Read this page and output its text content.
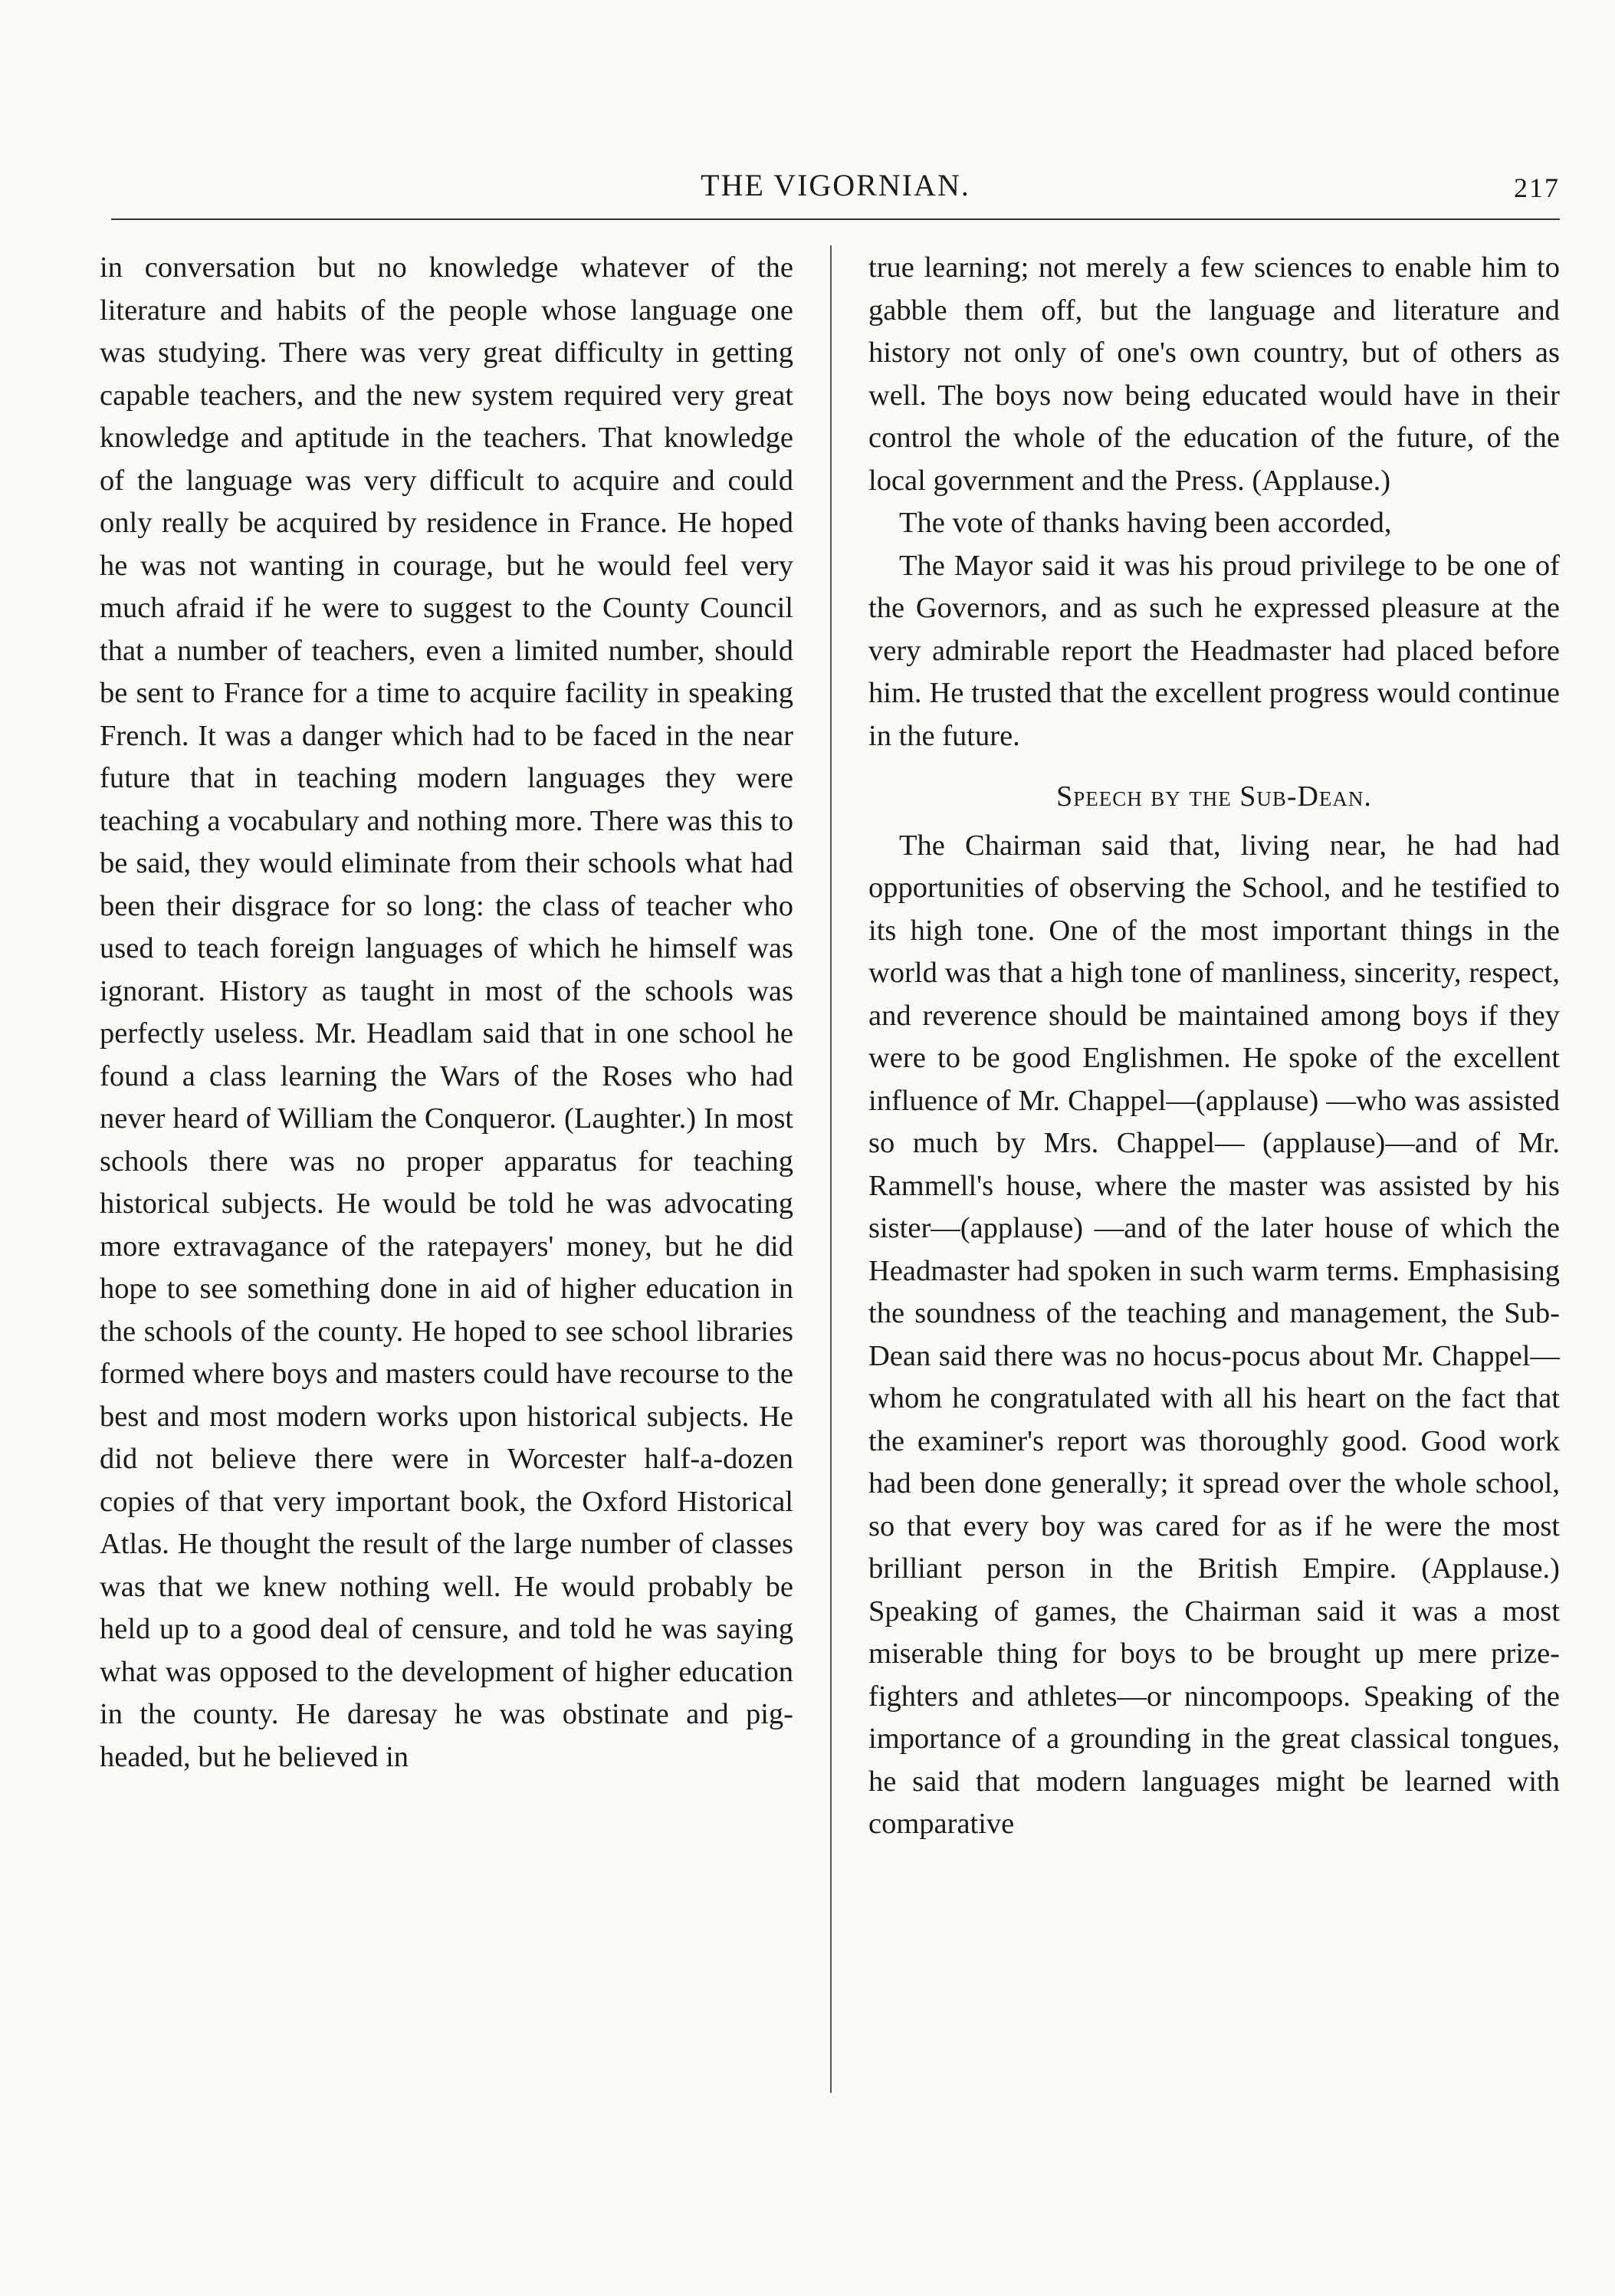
THE VIGORNIAN.	217

in conversation but no knowledge whatever of the literature and habits of the people whose language one was studying. There was very great difficulty in getting capable teachers, and the new system required very great knowledge and aptitude in the teachers. That knowledge of the language was very difficult to acquire and could only really be acquired by residence in France. He hoped he was not wanting in courage, but he would feel very much afraid if he were to suggest to the County Council that a number of teachers, even a limited number, should be sent to France for a time to acquire facility in speaking French. It was a danger which had to be faced in the near future that in teaching modern languages they were teaching a vocabulary and nothing more. There was this to be said, they would eliminate from their schools what had been their disgrace for so long: the class of teacher who used to teach foreign languages of which he himself was ignorant. History as taught in most of the schools was perfectly useless. Mr. Headlam said that in one school he found a class learning the Wars of the Roses who had never heard of William the Conqueror. (Laughter.) In most schools there was no proper apparatus for teaching historical subjects. He would be told he was advocating more extravagance of the ratepayers' money, but he did hope to see something done in aid of higher education in the schools of the county. He hoped to see school libraries formed where boys and masters could have recourse to the best and most modern works upon historical subjects. He did not believe there were in Worcester half-a-dozen copies of that very important book, the Oxford Historical Atlas. He thought the result of the large number of classes was that we knew nothing well. He would probably be held up to a good deal of censure, and told he was saying what was opposed to the development of higher education in the county. He daresay he was obstinate and pig-headed, but he believed in

true learning; not merely a few sciences to enable him to gabble them off, but the language and literature and history not only of one's own country, but of others as well. The boys now being educated would have in their control the whole of the education of the future, of the local government and the Press. (Applause.)

The vote of thanks having been accorded,

The Mayor said it was his proud privilege to be one of the Governors, and as such he expressed pleasure at the very admirable report the Headmaster had placed before him. He trusted that the excellent progress would continue in the future.

Speech by the Sub-Dean.

The Chairman said that, living near, he had had opportunities of observing the School, and he testified to its high tone. One of the most important things in the world was that a high tone of manliness, sincerity, respect, and reverence should be maintained among boys if they were to be good Englishmen. He spoke of the excellent influence of Mr. Chappel—(applause) —who was assisted so much by Mrs. Chappel— (applause)—and of Mr. Rammell's house, where the master was assisted by his sister—(applause) —and of the later house of which the Headmaster had spoken in such warm terms. Emphasising the soundness of the teaching and management, the Sub-Dean said there was no hocus-pocus about Mr. Chappel—whom he congratulated with all his heart on the fact that the examiner's report was thoroughly good. Good work had been done generally; it spread over the whole school, so that every boy was cared for as if he were the most brilliant person in the British Empire. (Applause.) Speaking of games, the Chairman said it was a most miserable thing for boys to be brought up mere prize-fighters and athletes—or nincompoops. Speaking of the importance of a grounding in the great classical tongues, he said that modern languages might be learned with comparative
